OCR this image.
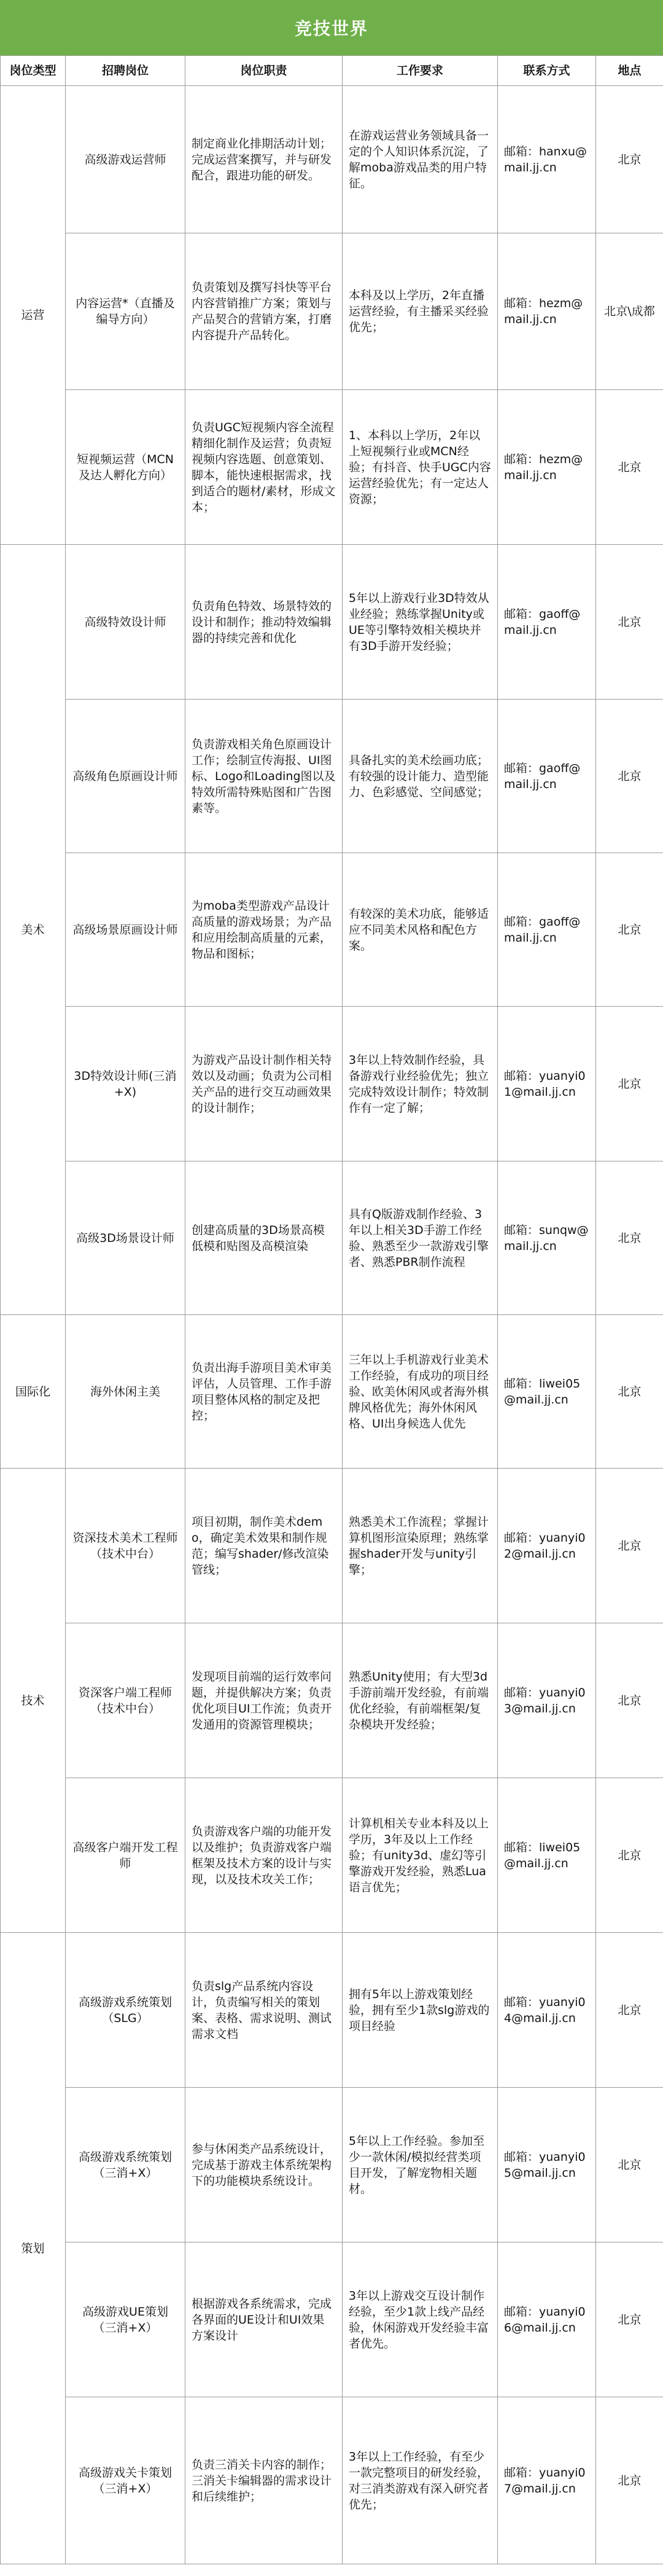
竞技世界
岗位类型	招聘岗位	岗位职责	工作要求	联系方式	地点
运营	高级游戏运营师	制定商业化排期活动计划；完成运营案撰写，并与研发配合，跟进功能的研发。	在游戏运营业务领域具备一定的个人知识体系沉淀，了解moba游戏品类的用户特征。	邮箱：hanxu@mail.jj.cn	北京
	内容运营*（直播及编导方向）	负责策划及撰写抖快等平台内容营销推广方案；策划与产品契合的营销方案，打磨内容提升产品转化。	本科及以上学历，2年直播运营经验，有主播采买经验优先；	邮箱：hezm@mail.jj.cn	北京\成都
	短视频运营（MCN及达人孵化方向）	负责UGC短视频内容全流程精细化制作及运营；负责短视频内容选题、创意策划、脚本，能快速根据需求，找到适合的题材/素材，形成文本；	1、本科以上学历，2年以上短视频行业或MCN经验；有抖音、快手UGC内容运营经验优先；有一定达人资源；	邮箱：hezm@mail.jj.cn	北京
美术	高级特效设计师	负责角色特效、场景特效的设计和制作；推动特效编辑器的持续完善和优化	5年以上游戏行业3D特效从业经验；熟练掌握Unity或UE等引擎特效相关模块并有3D手游开发经验；	邮箱：gaoff@mail.jj.cn	北京
	高级角色原画设计师	负责游戏相关角色原画设计工作；绘制宣传海报、UI图标、Logo和Loading图以及特效所需特殊贴图和广告图素等。	具备扎实的美术绘画功底；有较强的设计能力、造型能力、色彩感觉、空间感觉；	邮箱：gaoff@mail.jj.cn	北京
	高级场景原画设计师	为moba类型游戏产品设计高质量的游戏场景；为产品和应用绘制高质量的元素，物品和图标；	有较深的美术功底，能够适应不同美术风格和配色方案。	邮箱：gaoff@mail.jj.cn	北京
	3D特效设计师(三消+X)	为游戏产品设计制作相关特效以及动画；负责为公司相关产品的进行交互动画效果的设计制作；	3年以上特效制作经验，具备游戏行业经验优先；独立完成特效设计制作；特效制作有一定了解；	邮箱：yuanyi01@mail.jj.cn	北京
	高级3D场景设计师	创建高质量的3D场景高模低模和贴图及高模渲染	具有Q版游戏制作经验、3年以上相关3D手游工作经验、熟悉至少一款游戏引擎者、熟悉PBR制作流程	邮箱：sunqw@mail.jj.cn	北京
国际化	海外休闲主美	负责出海手游项目美术审美评估，人员管理、工作手游项目整体风格的制定及把控；	三年以上手机游戏行业美术工作经验，有成功的项目经验、欧美休闲风或者海外棋牌风格优先；海外休闲风格、UI出身候选人优先	邮箱：liwei05@mail.jj.cn	北京
技术	资深技术美术工程师（技术中台）	项目初期，制作美术demo，确定美术效果和制作规范；编写shader/修改渲染管线；	熟悉美术工作流程；掌握计算机图形渲染原理；熟练掌握shader开发与unity引擎；	邮箱：yuanyi02@mail.jj.cn	北京
	资深客户端工程师（技术中台）	发现项目前端的运行效率问题，并提供解决方案；负责优化项目UI工作流；负责开发通用的资源管理模块；	熟悉Unity使用；有大型3d手游前端开发经验，有前端优化经验，有前端框架/复杂模块开发经验；	邮箱：yuanyi03@mail.jj.cn	北京
	高级客户端开发工程师	负责游戏客户端的功能开发以及维护；负责游戏客户端框架及技术方案的设计与实现，以及技术攻关工作；	计算机相关专业本科及以上学历，3年及以上工作经验；有unity3d、虚幻等引擎游戏开发经验，熟悉Lua语言优先；	邮箱：liwei05@mail.jj.cn	北京
策划	高级游戏系统策划（SLG）	负责slg产品系统内容设计，负责编写相关的策划案、表格、需求说明、测试需求文档	拥有5年以上游戏策划经验，拥有至少1款slg游戏的项目经验	邮箱：yuanyi04@mail.jj.cn	北京
	高级游戏系统策划（三消+X）	参与休闲类产品系统设计，完成基于游戏主体系统架构下的功能模块系统设计。	5年以上工作经验。参加至少一款休闲/模拟经营类项目开发，了解宠物相关题材。	邮箱：yuanyi05@mail.jj.cn	北京
	高级游戏UE策划（三消+X）	根据游戏各系统需求，完成各界面的UE设计和UI效果方案设计	3年以上游戏交互设计制作经验，至少1款上线产品经验，休闲游戏开发经验丰富者优先。	邮箱：yuanyi06@mail.jj.cn	北京
	高级游戏关卡策划（三消+X）	负责三消关卡内容的制作；三消关卡编辑器的需求设计和后续维护；	3年以上工作经验，有至少一款完整项目的研发经验，对三消类游戏有深入研究者优先；	邮箱：yuanyi07@mail.jj.cn	北京
